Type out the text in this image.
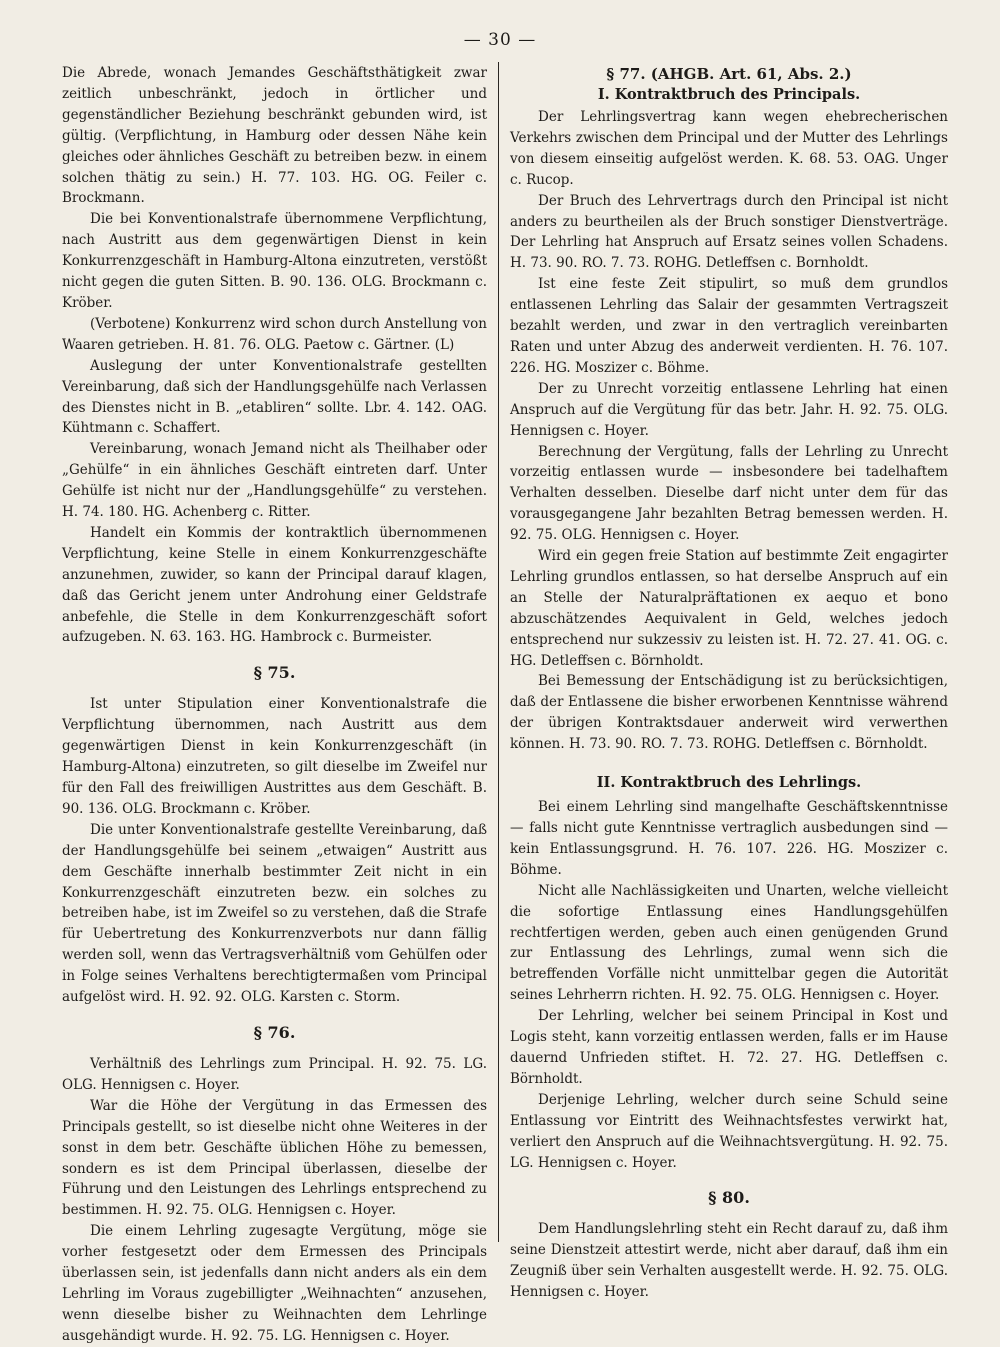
— 30 —

Die Abrede, wonach Jemandes Geschäftsthätigkeit zwar zeitlich unbeschränkt, jedoch in örtlicher und gegenständlicher Beziehung beschränkt gebunden wird, ist gültig. (Verpflichtung, in Hamburg oder dessen Nähe kein gleiches oder ähnliches Geschäft zu betreiben bezw. in einem solchen thätig zu sein.) H. 77. 103. HG. OG. Feiler c. Brockmann.

Die bei Konventionalstrafe übernommene Verpflichtung, nach Austritt aus dem gegenwärtigen Dienst in kein Konkurrenzgeschäft in Hamburg-Altona einzutreten, verstößt nicht gegen die guten Sitten. B. 90. 136. OLG. Brockmann c. Kröber.

(Verbotene) Konkurrenz wird schon durch Anstellung von Waaren getrieben. H. 81. 76. OLG. Paetow c. Gärtner. (L)

Auslegung der unter Konventionalstrafe gestellten Vereinbarung, daß sich der Handlungsgehülfe nach Verlassen des Dienstes nicht in B. „etabliren“ sollte. Lbr. 4. 142. OAG. Kühtmann c. Schaffert.

Vereinbarung, wonach Jemand nicht als Theilhaber oder „Gehülfe“ in ein ähnliches Geschäft eintreten darf. Unter Gehülfe ist nicht nur der „Handlungsgehülfe“ zu verstehen. H. 74. 180. HG. Achenberg c. Ritter.

Handelt ein Kommis der kontraktlich übernommenen Verpflichtung, keine Stelle in einem Konkurrenzgeschäfte anzunehmen, zuwider, so kann der Principal darauf klagen, daß das Gericht jenem unter Androhung einer Geldstrafe anbefehle, die Stelle in dem Konkurrenzgeschäft sofort aufzugeben. N. 63. 163. HG. Hambrock c. Burmeister.

§ 75.

Ist unter Stipulation einer Konventionalstrafe die Verpflichtung übernommen, nach Austritt aus dem gegenwärtigen Dienst in kein Konkurrenzgeschäft (in Hamburg-Altona) einzutreten, so gilt dieselbe im Zweifel nur für den Fall des freiwilligen Austrittes aus dem Geschäft. B. 90. 136. OLG. Brockmann c. Kröber.

Die unter Konventionalstrafe gestellte Vereinbarung, daß der Handlungsgehülfe bei seinem „etwaigen“ Austritt aus dem Geschäfte innerhalb bestimmter Zeit nicht in ein Konkurrenzgeschäft einzutreten bezw. ein solches zu betreiben habe, ist im Zweifel so zu verstehen, daß die Strafe für Uebertretung des Konkurrenzverbots nur dann fällig werden soll, wenn das Vertragsverhältniß vom Gehülfen oder in Folge seines Verhaltens berechtigtermaßen vom Principal aufgelöst wird. H. 92. 92. OLG. Karsten c. Storm.

§ 76.

Verhältniß des Lehrlings zum Principal. H. 92. 75. LG. OLG. Hennigsen c. Hoyer.

War die Höhe der Vergütung in das Ermessen des Principals gestellt, so ist dieselbe nicht ohne Weiteres in der sonst in dem betr. Geschäfte üblichen Höhe zu bemessen, sondern es ist dem Principal überlassen, dieselbe der Führung und den Leistungen des Lehrlings entsprechend zu bestimmen. H. 92. 75. OLG. Hennigsen c. Hoyer.

Die einem Lehrling zugesagte Vergütung, möge sie vorher festgesetzt oder dem Ermessen des Principals überlassen sein, ist jedenfalls dann nicht anders als ein dem Lehrling im Voraus zugebilligter „Weihnachten“ anzusehen, wenn dieselbe bisher zu Weihnachten dem Lehrlinge ausgehändigt wurde. H. 92. 75. LG. Hennigsen c. Hoyer.

§ 77. (AHGB. Art. 61, Abs. 2.)
I. Kontraktbruch des Principals.

Der Lehrlingsvertrag kann wegen ehebrecherischen Verkehrs zwischen dem Principal und der Mutter des Lehrlings von diesem einseitig aufgelöst werden. K. 68. 53. OAG. Unger c. Rucop.

Der Bruch des Lehrvertrags durch den Principal ist nicht anders zu beurtheilen als der Bruch sonstiger Dienstverträge. Der Lehrling hat Anspruch auf Ersatz seines vollen Schadens. H. 73. 90. RO. 7. 73. ROHG. Detleffsen c. Bornholdt.

Ist eine feste Zeit stipulirt, so muß dem grundlos entlassenen Lehrling das Salair der gesammten Vertragszeit bezahlt werden, und zwar in den vertraglich vereinbarten Raten und unter Abzug des anderweit verdienten. H. 76. 107. 226. HG. Moszizer c. Böhme.

Der zu Unrecht vorzeitig entlassene Lehrling hat einen Anspruch auf die Vergütung für das betr. Jahr. H. 92. 75. OLG. Hennigsen c. Hoyer.

Berechnung der Vergütung, falls der Lehrling zu Unrecht vorzeitig entlassen wurde — insbesondere bei tadelhaftem Verhalten desselben. Dieselbe darf nicht unter dem für das vorausgegangene Jahr bezahlten Betrag bemessen werden. H. 92. 75. OLG. Hennigsen c. Hoyer.

Wird ein gegen freie Station auf bestimmte Zeit engagirter Lehrling grundlos entlassen, so hat derselbe Anspruch auf ein an Stelle der Naturalpräftationen ex aequo et bono abzuschätzendes Aequivalent in Geld, welches jedoch entsprechend nur sukzessiv zu leisten ist. H. 72. 27. 41. OG. c. HG. Detleffsen c. Börnholdt.

Bei Bemessung der Entschädigung ist zu berücksichtigen, daß der Entlassene die bisher erworbenen Kenntnisse während der übrigen Kontraktsdauer anderweit wird verwerthen können. H. 73. 90. RO. 7. 73. ROHG. Detleffsen c. Börnholdt.

II. Kontraktbruch des Lehrlings.

Bei einem Lehrling sind mangelhafte Geschäftskenntnisse — falls nicht gute Kenntnisse vertraglich ausbedungen sind — kein Entlassungsgrund. H. 76. 107. 226. HG. Moszizer c. Böhme.

Nicht alle Nachlässigkeiten und Unarten, welche vielleicht die sofortige Entlassung eines Handlungsgehülfen rechtfertigen werden, geben auch einen genügenden Grund zur Entlassung des Lehrlings, zumal wenn sich die betreffenden Vorfälle nicht unmittelbar gegen die Autorität seines Lehrherrn richten. H. 92. 75. OLG. Hennigsen c. Hoyer.

Der Lehrling, welcher bei seinem Principal in Kost und Logis steht, kann vorzeitig entlassen werden, falls er im Hause dauernd Unfrieden stiftet. H. 72. 27. HG. Detleffsen c. Börnholdt.

Derjenige Lehrling, welcher durch seine Schuld seine Entlassung vor Eintritt des Weihnachtsfestes verwirkt hat, verliert den Anspruch auf die Weihnachtsvergütung. H. 92. 75. LG. Hennigsen c. Hoyer.

§ 80.

Dem Handlungslehrling steht ein Recht darauf zu, daß ihm seine Dienstzeit attestirt werde, nicht aber darauf, daß ihm ein Zeugniß über sein Verhalten ausgestellt werde. H. 92. 75. OLG. Hennigsen c. Hoyer.
